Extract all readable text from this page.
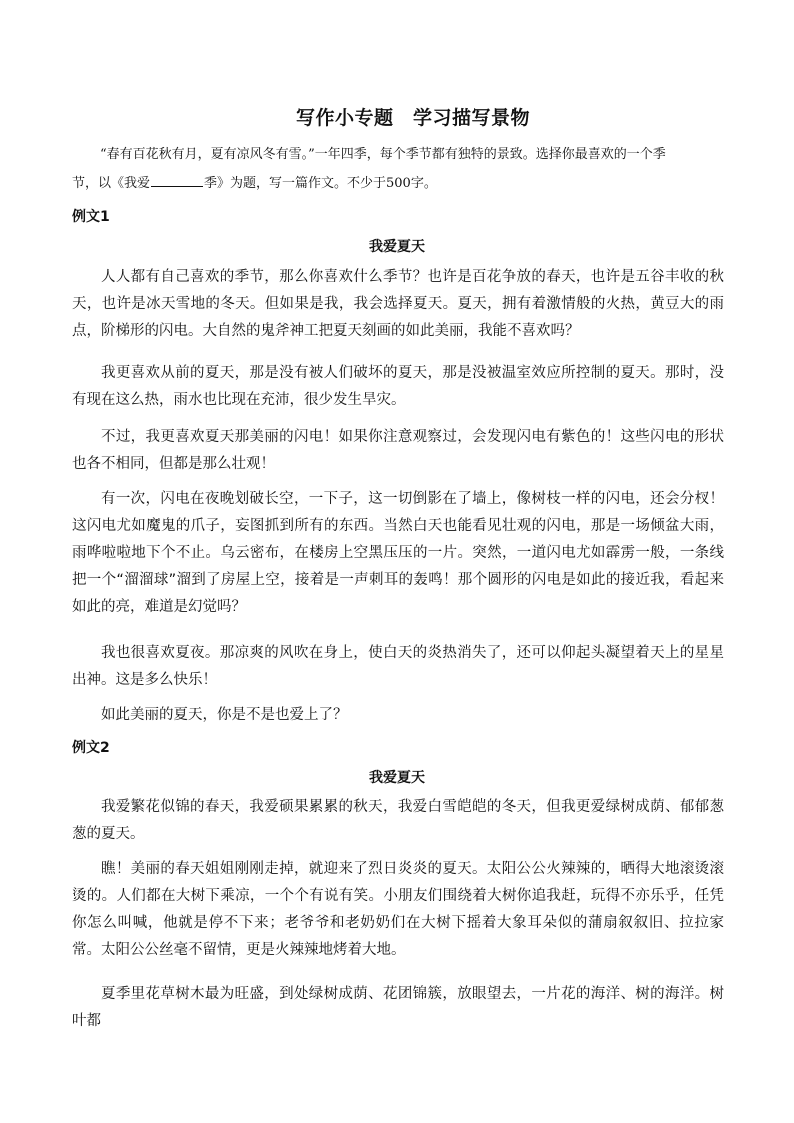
写作小专题　学习描写景物

“春有百花秋有月，夏有凉风冬有雪。”一年四季，每个季节都有独特的景致。选择你最喜欢的一个季

节，以《我爱	季》为题，写一篇作文。不少于500字。

例文1
我爱夏天
人人都有自己喜欢的季节，那么你喜欢什么季节？也许是百花争放的春天，也许是五谷丰收的秋天，也许是冰天雪地的冬天。但如果是我，我会选择夏天。夏天，拥有着激情般的火热，黄豆大的雨点，阶梯形的闪电。大自然的鬼斧神工把夏天刻画的如此美丽，我能不喜欢吗？
我更喜欢从前的夏天，那是没有被人们破坏的夏天，那是没被温室效应所控制的夏天。那时，没有现在这么热，雨水也比现在充沛，很少发生旱灾。
不过，我更喜欢夏天那美丽的闪电！如果你注意观察过，会发现闪电有紫色的！这些闪电的形状也各不相同，但都是那么壮观！
有一次，闪电在夜晚划破长空，一下子，这一切倒影在了墙上，像树枝一样的闪电，还会分杈！这闪电尤如魔鬼的爪子，妄图抓到所有的东西。当然白天也能看见壮观的闪电，那是一场倾盆大雨，雨哗啦啦地下个不止。乌云密布，在楼房上空黑压压的一片。突然，一道闪电尤如霹雳一般，一条线把一个“溜溜球”溜到了房屋上空，接着是一声刺耳的轰鸣！那个圆形的闪电是如此的接近我，看起来如此的亮，难道是幻觉吗？
我也很喜欢夏夜。那凉爽的风吹在身上，使白天的炎热消失了，还可以仰起头凝望着天上的星星出神。这是多么快乐！
如此美丽的夏天，你是不是也爱上了？
例文2
我爱夏天
我爱繁花似锦的春天，我爱硕果累累的秋天，我爱白雪皑皑的冬天，但我更爱绿树成荫、郁郁葱葱的夏天。
瞧！美丽的春天姐姐刚刚走掉，就迎来了烈日炎炎的夏天。太阳公公火辣辣的，晒得大地滚烫滚烫的。人们都在大树下乘凉，一个个有说有笑。小朋友们围绕着大树你追我赶，玩得不亦乐乎，任凭你怎么叫喊，他就是停不下来；老爷爷和老奶奶们在大树下摇着大象耳朵似的蒲扇叙叙旧、拉拉家常。太阳公公丝毫不留情，更是火辣辣地烤着大地。
夏季里花草树木最为旺盛，到处绿树成荫、花团锦簇，放眼望去，一片花的海洋、树的海洋。树叶都
